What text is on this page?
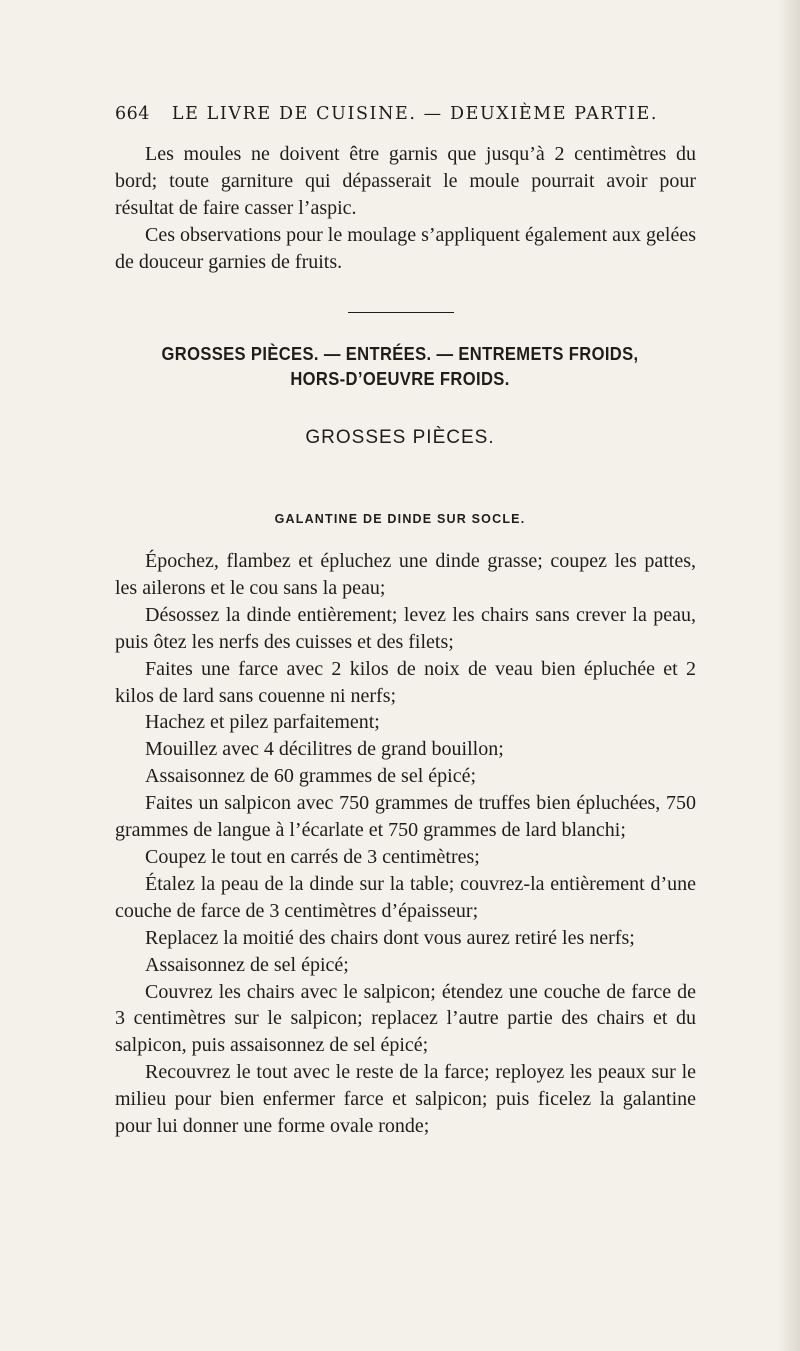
664 LE LIVRE DE CUISINE. — DEUXIÈME PARTIE.

Les moules ne doivent être garnis que jusqu’à 2 centimètres du bord; toute garniture qui dépasserait le moule pourrait avoir pour résultat de faire casser l’aspic.

Ces observations pour le moulage s’appliquent également aux gelées de douceur garnies de fruits.

GROSSES PIÈCES. — ENTRÉES. — ENTREMETS FROIDS,
HORS-D’OEUVRE FROIDS.
GROSSES PIÈCES.
GALANTINE DE DINDE SUR SOCLE.

Épochez, flambez et épluchez une dinde grasse; coupez les pattes, les ailerons et le cou sans la peau;

Désossez la dinde entièrement; levez les chairs sans crever la peau, puis ôtez les nerfs des cuisses et des filets;

Faites une farce avec 2 kilos de noix de veau bien épluchée et 2 kilos de lard sans couenne ni nerfs;

Hachez et pilez parfaitement;

Mouillez avec 4 décilitres de grand bouillon;

Assaisonnez de 60 grammes de sel épicé;

Faites un salpicon avec 750 grammes de truffes bien épluchées, 750 grammes de langue à l’écarlate et 750 grammes de lard blanchi;

Coupez le tout en carrés de 3 centimètres;

Étalez la peau de la dinde sur la table; couvrez-la entièrement d’une couche de farce de 3 centimètres d’épaisseur;

Replacez la moitié des chairs dont vous aurez retiré les nerfs;

Assaisonnez de sel épicé;

Couvrez les chairs avec le salpicon; étendez une couche de farce de 3 centimètres sur le salpicon; replacez l’autre partie des chairs et du salpicon, puis assaisonnez de sel épicé;

Recouvrez le tout avec le reste de la farce; reployez les peaux sur le milieu pour bien enfermer farce et salpicon; puis ficelez la galantine pour lui donner une forme ovale ronde;
